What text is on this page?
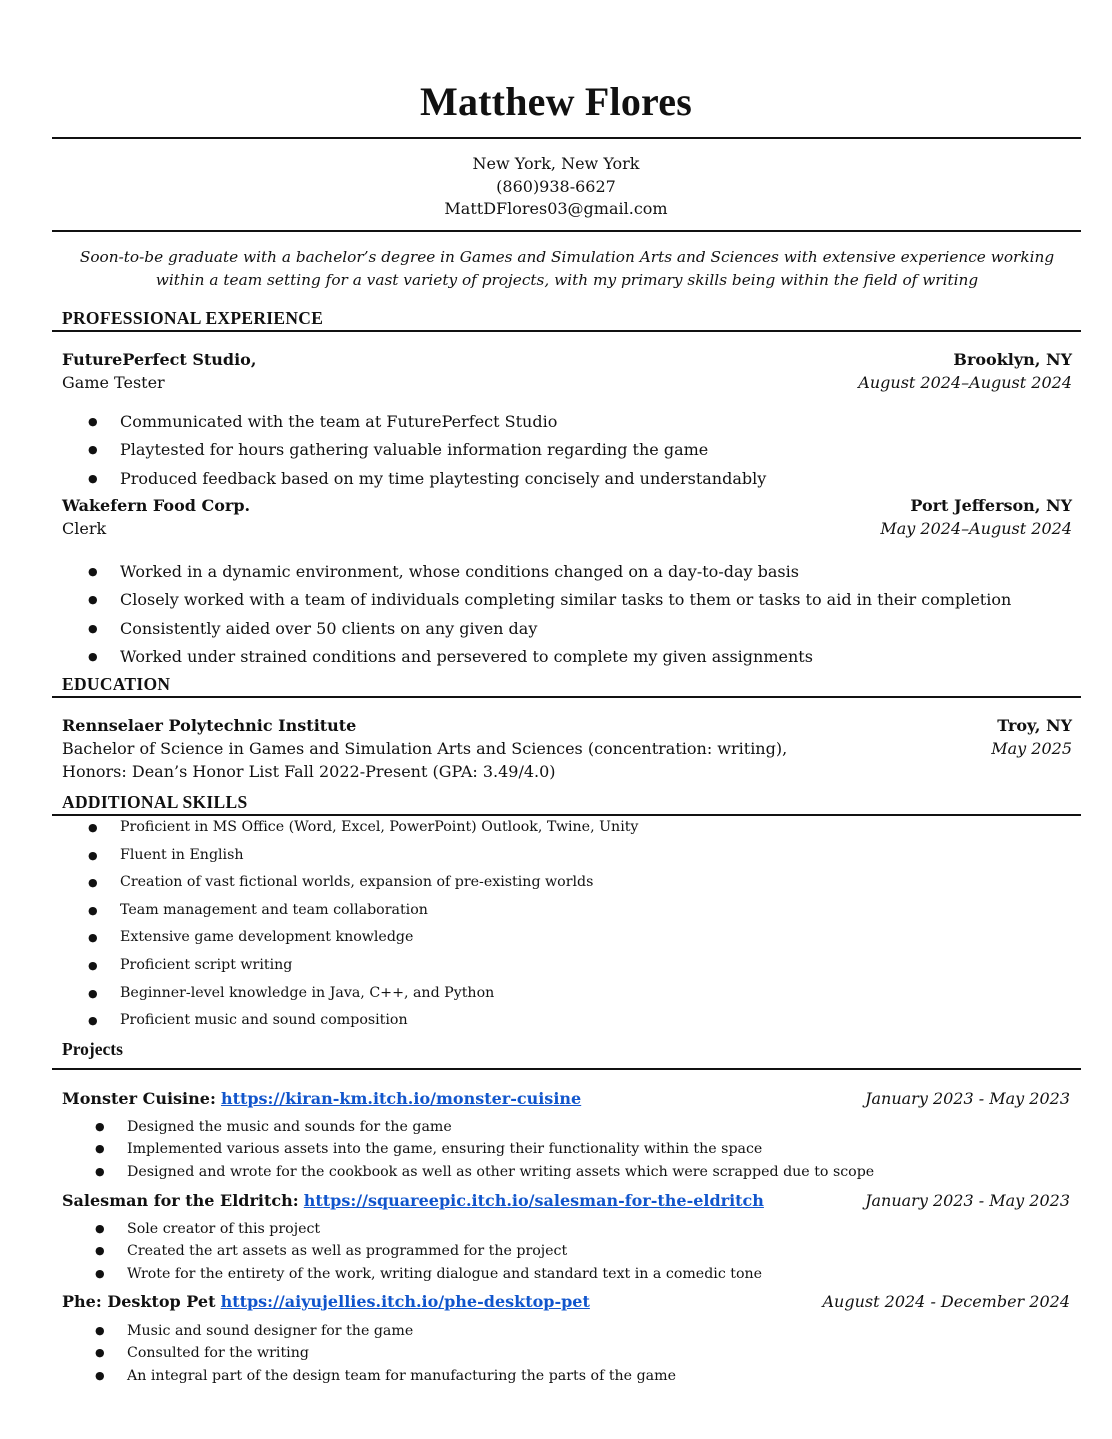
Matthew Flores
New York, New York
(860)938-6627
MattDFlores03@gmail.com
Soon-to-be graduate with a bachelor’s degree in Games and Simulation Arts and Sciences with extensive experience working within a team setting for a vast variety of projects, with my primary skills being within the field of writing
PROFESSIONAL EXPERIENCE
FuturePerfect Studio,	Brooklyn, NY
Game Tester	August 2024–August 2024
● Communicated with the team at FuturePerfect Studio
● Playtested for hours gathering valuable information regarding the game
● Produced feedback based on my time playtesting concisely and understandably
Wakefern Food Corp.	Port Jefferson, NY
Clerk	May 2024–August 2024
● Worked in a dynamic environment, whose conditions changed on a day-to-day basis
● Closely worked with a team of individuals completing similar tasks to them or tasks to aid in their completion
● Consistently aided over 50 clients on any given day
● Worked under strained conditions and persevered to complete my given assignments
EDUCATION
Rennselaer Polytechnic Institute	Troy, NY
Bachelor of Science in Games and Simulation Arts and Sciences (concentration: writing),	May 2025
Honors: Dean’s Honor List Fall 2022-Present (GPA: 3.49/4.0)
ADDITIONAL SKILLS
● Proficient in MS Office (Word, Excel, PowerPoint) Outlook, Twine, Unity
● Fluent in English
● Creation of vast fictional worlds, expansion of pre-existing worlds
● Team management and team collaboration
● Extensive game development knowledge
● Proficient script writing
● Beginner-level knowledge in Java, C++, and Python
● Proficient music and sound composition
Projects
Monster Cuisine: https://kiran-km.itch.io/monster-cuisine	January 2023 - May 2023
● Designed the music and sounds for the game
● Implemented various assets into the game, ensuring their functionality within the space
● Designed and wrote for the cookbook as well as other writing assets which were scrapped due to scope
Salesman for the Eldritch: https://squareepic.itch.io/salesman-for-the-eldritch	January 2023 - May 2023
● Sole creator of this project
● Created the art assets as well as programmed for the project
● Wrote for the entirety of the work, writing dialogue and standard text in a comedic tone
Phe: Desktop Pet https://aiyujellies.itch.io/phe-desktop-pet	August 2024 - December 2024
● Music and sound designer for the game
● Consulted for the writing
● An integral part of the design team for manufacturing the parts of the game
